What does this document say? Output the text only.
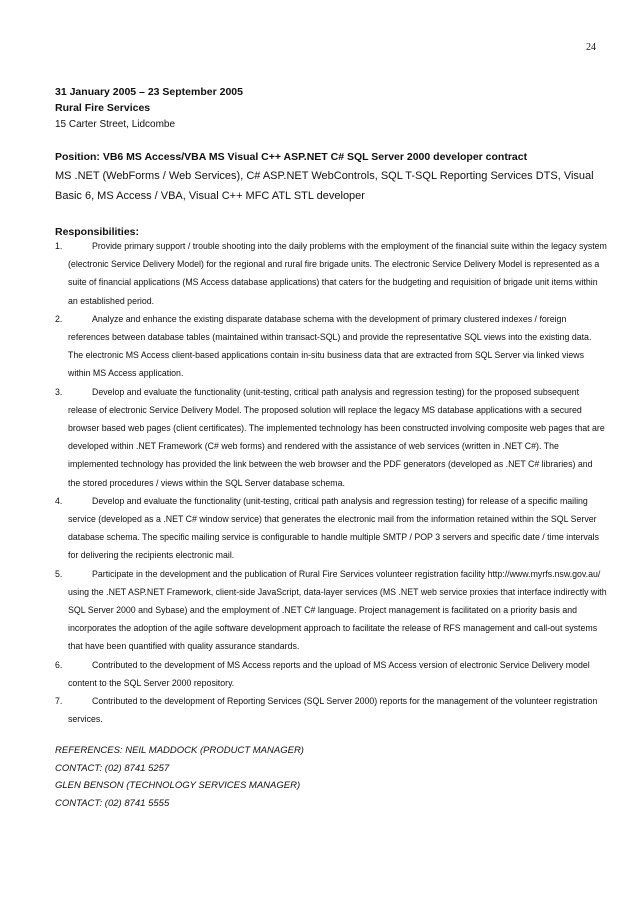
24
31 January 2005 – 23 September 2005
Rural Fire Services
15 Carter Street, Lidcombe
Position: VB6 MS Access/VBA MS Visual C++ ASP.NET C# SQL Server 2000 developer contract
MS .NET (WebForms / Web Services), C# ASP.NET WebControls, SQL T-SQL Reporting Services DTS, Visual Basic 6, MS Access / VBA, Visual C++ MFC ATL STL developer
Responsibilities:
1.	Provide primary support / trouble shooting into the daily problems with the employment of the financial suite within the legacy system (electronic Service Delivery Model) for the regional and rural fire brigade units. The electronic Service Delivery Model is represented as a suite of financial applications (MS Access database applications) that caters for the budgeting and requisition of brigade unit items within an established period.
2.	Analyze and enhance the existing disparate database schema with the development of primary clustered indexes / foreign references between database tables (maintained within transact-SQL) and provide the representative SQL views into the existing data. The electronic MS Access client-based applications contain in-situ business data that are extracted from SQL Server via linked views within MS Access application.
3.	Develop and evaluate the functionality (unit-testing, critical path analysis and regression testing) for the proposed subsequent release of electronic Service Delivery Model. The proposed solution will replace the legacy MS database applications with a secured browser based web pages (client certificates). The implemented technology has been constructed involving composite web pages that are developed within .NET Framework (C# web forms) and rendered with the assistance of web services (written in .NET C#). The implemented technology has provided the link between the web browser and the PDF generators (developed as .NET C# libraries) and the stored procedures / views within the SQL Server database schema.
4.	Develop and evaluate the functionality (unit-testing, critical path analysis and regression testing) for release of a specific mailing service (developed as a .NET C# window service) that generates the electronic mail from the information retained within the SQL Server database schema. The specific mailing service is configurable to handle multiple SMTP / POP 3 servers and specific date / time intervals for delivering the recipients electronic mail.
5.	Participate in the development and the publication of Rural Fire Services volunteer registration facility http://www.myrfs.nsw.gov.au/ using the .NET ASP.NET Framework, client-side JavaScript, data-layer services (MS .NET web service proxies that interface indirectly with SQL Server 2000 and Sybase) and the employment of .NET C# language. Project management is facilitated on a priority basis and incorporates the adoption of the agile software development approach to facilitate the release of RFS management and call-out systems that have been quantified with quality assurance standards.
6.	Contributed to the development of MS Access reports and the upload of MS Access version of electronic Service Delivery model content to the SQL Server 2000 repository.
7.	Contributed to the development of Reporting Services (SQL Server 2000) reports for the management of the volunteer registration services.
REFERENCES: NEIL MADDOCK (PRODUCT MANAGER)
CONTACT: (02) 8741 5257
GLEN BENSON (TECHNOLOGY SERVICES MANAGER)
CONTACT: (02) 8741 5555
